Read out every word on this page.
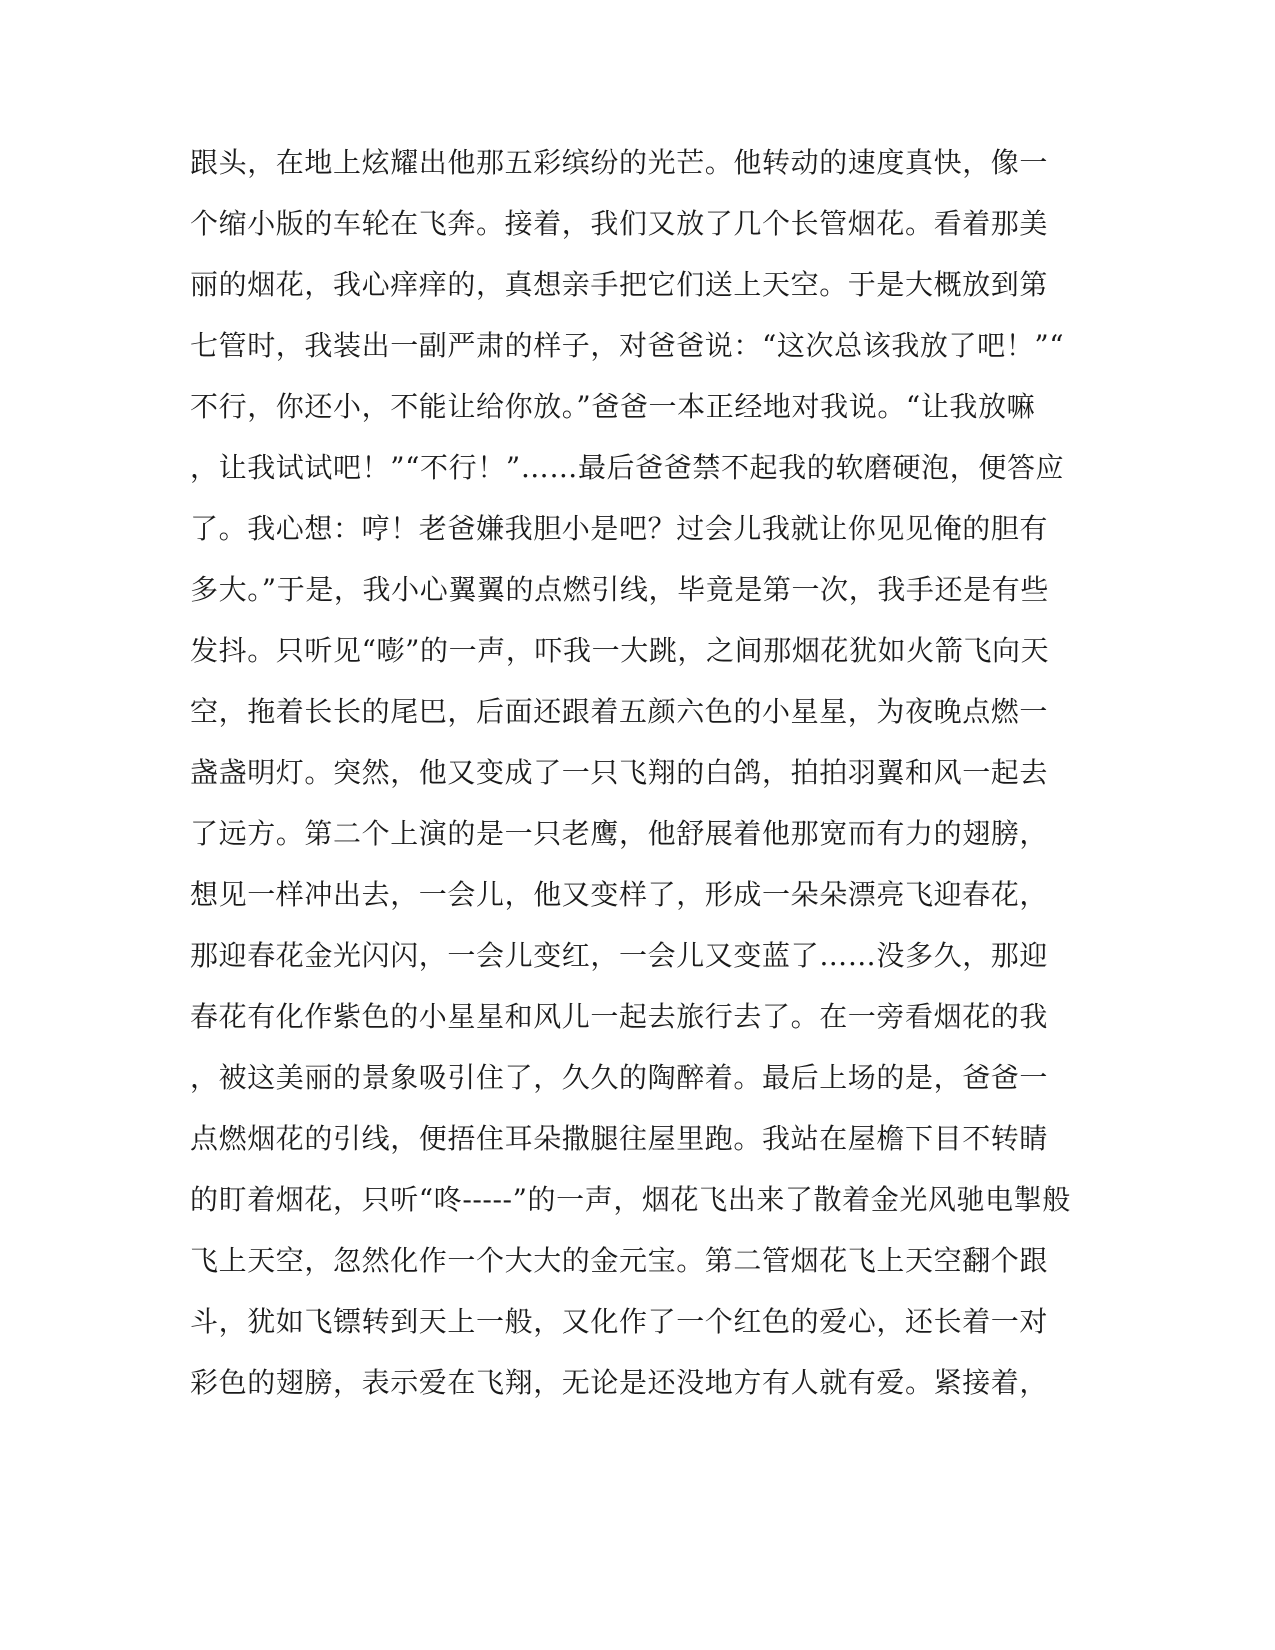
跟头，在地上炫耀出他那五彩缤纷的光芒。他转动的速度真快，像一
个缩小版的车轮在飞奔。接着，我们又放了几个长管烟花。看着那美
丽的烟花，我心痒痒的，真想亲手把它们送上天空。于是大概放到第
七管时，我装出一副严肃的样子，对爸爸说：“这次总该我放了吧！”“
不行，你还小，不能让给你放。”爸爸一本正经地对我说。“让我放嘛
，让我试试吧！”“不行！”……最后爸爸禁不起我的软磨硬泡，便答应
了。我心想：哼！老爸嫌我胆小是吧？过会儿我就让你见见俺的胆有
多大。”于是，我小心翼翼的点燃引线，毕竟是第一次，我手还是有些
发抖。只听见“嘭”的一声，吓我一大跳，之间那烟花犹如火箭飞向天
空，拖着长长的尾巴，后面还跟着五颜六色的小星星，为夜晚点燃一
盏盏明灯。突然，他又变成了一只飞翔的白鸽，拍拍羽翼和风一起去
了远方。第二个上演的是一只老鹰，他舒展着他那宽而有力的翅膀，
想见一样冲出去，一会儿，他又变样了，形成一朵朵漂亮飞迎春花，
那迎春花金光闪闪，一会儿变红，一会儿又变蓝了……没多久，那迎
春花有化作紫色的小星星和风儿一起去旅行去了。在一旁看烟花的我
，被这美丽的景象吸引住了，久久的陶醉着。最后上场的是，爸爸一
点燃烟花的引线，便捂住耳朵撒腿往屋里跑。我站在屋檐下目不转睛
的盯着烟花，只听“咚-----”的一声，烟花飞出来了散着金光风驰电掣般
飞上天空，忽然化作一个大大的金元宝。第二管烟花飞上天空翻个跟
斗，犹如飞镖转到天上一般，又化作了一个红色的爱心，还长着一对
彩色的翅膀，表示爱在飞翔，无论是还没地方有人就有爱。紧接着，
